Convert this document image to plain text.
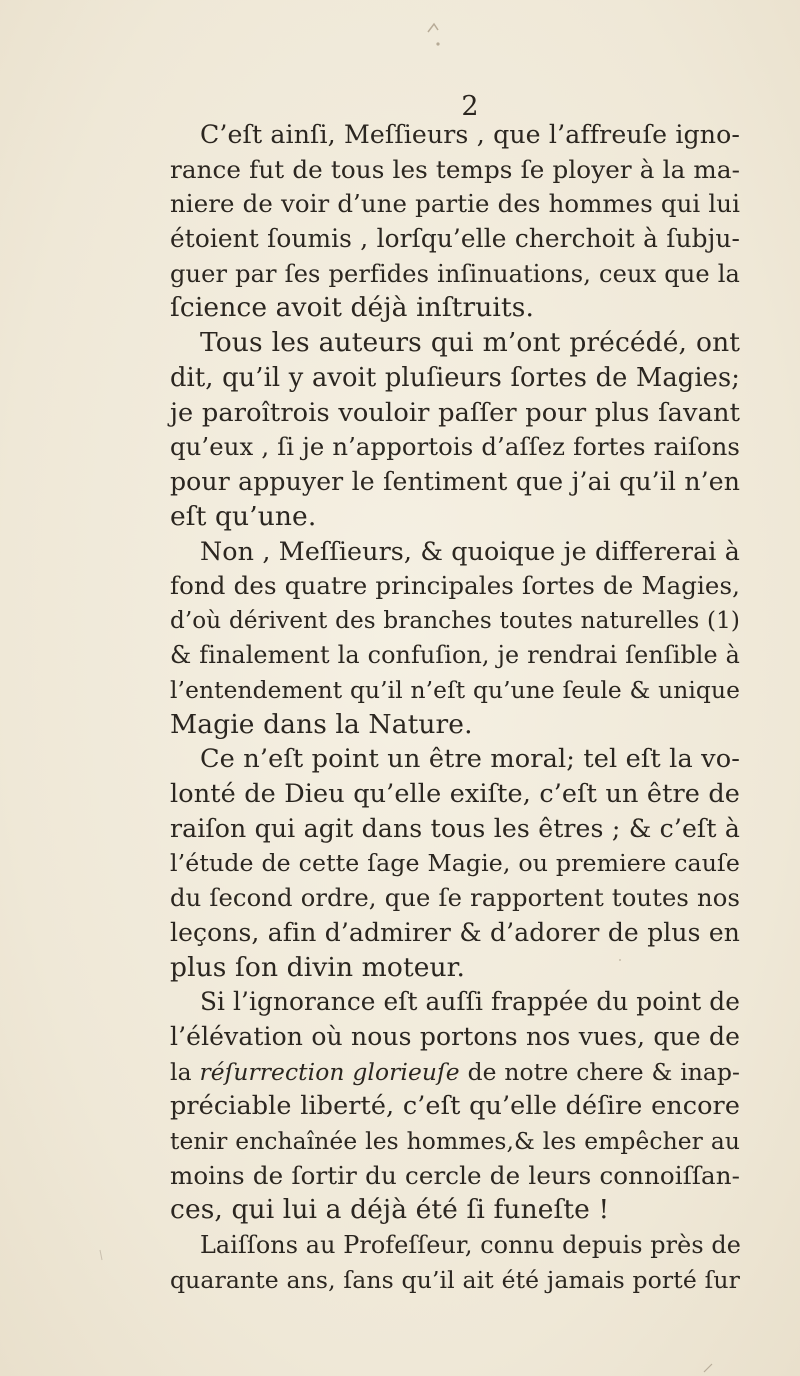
2
C’eſt ainſi, Meſſieurs , que l’affreuſe igno-
rance fut de tous les temps ſe ployer à la ma-
niere de voir d’une partie des hommes qui lui
étoient ſoumis , lorſqu’elle cherchoit à ſubju-
guer par ſes perfides inſinuations, ceux que la
ſcience avoit déjà inſtruits.
Tous les auteurs qui m’ont précédé, ont
dit, qu’il y avoit pluſieurs ſortes de Magies;
je paroîtrois vouloir paſſer pour plus ſavant
qu’eux , ſi je n’apportois d’aſſez fortes raiſons
pour appuyer le ſentiment que j’ai qu’il n’en
eſt qu’une.
Non , Meſſieurs, & quoique je differerai à
fond des quatre principales ſortes de Magies,
d’où dérivent des branches toutes naturelles (1)
& finalement la confuſion, je rendrai ſenſible à
l’entendement qu’il n’eſt qu’une ſeule & unique
Magie dans la Nature.
Ce n’eſt point un être moral; tel eſt la vo-
lonté de Dieu qu’elle exiſte, c’eſt un être de
raiſon qui agit dans tous les êtres ; & c’eſt à
l’étude de cette ſage Magie, ou premiere cauſe
du ſecond ordre, que ſe rapportent toutes nos
leçons, afin d’admirer & d’adorer de plus en
plus ſon divin moteur.
Si l’ignorance eſt auſſi frappée du point de
l’élévation où nous portons nos vues, que de
la réſurrection glorieuſe de notre chere & inap-
préciable liberté, c’eſt qu’elle déſire encore
tenir enchaînée les hommes,& les empêcher au
moins de ſortir du cercle de leurs connoiſſan-
ces, qui lui a déjà été ſi funeſte !
Laiſſons au Profeſſeur, connu depuis près de
quarante ans, ſans qu’il ait été jamais porté ſur
